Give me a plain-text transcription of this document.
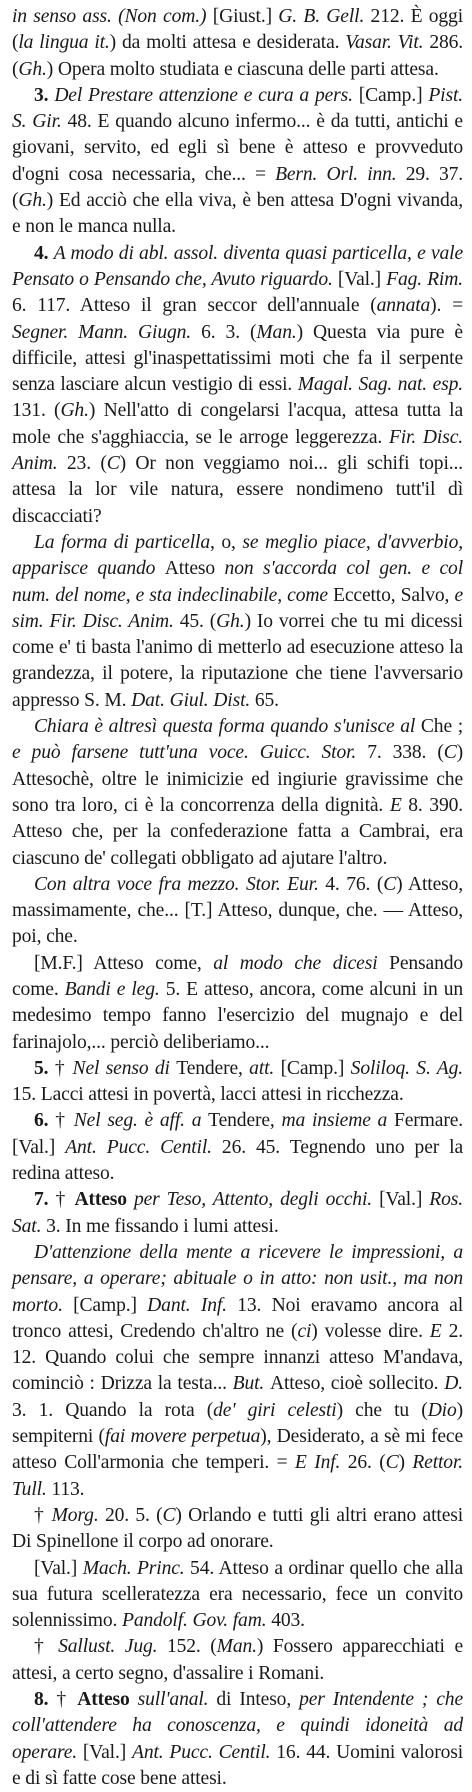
in senso ass. (Non com.) [Giust.] G. B. Gell. 212. È oggi (la lingua it.) da molti attesa e desiderata. Vasar. Vit. 286. (Gh.) Opera molto studiata e ciascuna delle parti attesa.

3. Del Prestare attenzione e cura a pers. [Camp.] Pist. S. Gir. 48. E quando alcuno infermo... è da tutti, antichi e giovani, servito, ed egli sì bene è atteso e provveduto d'ogni cosa necessaria, che... = Bern. Orl. inn. 29. 37. (Gh.) Ed acciò che ella viva, è ben attesa D'ogni vivanda, e non le manca nulla.

4. A modo di abl. assol. diventa quasi particella, e vale Pensato o Pensando che, Avuto riguardo. [Val.] Fag. Rim. 6. 117. Atteso il gran seccor dell'annuale (annata). = Segner. Mann. Giugn. 6. 3. (Man.) Questa via pure è difficile, attesi gl'inaspettatissimi moti che fa il serpente senza lasciare alcun vestigio di essi. Magal. Sag. nat. esp. 131. (Gh.) Nell'atto di congelarsi l'acqua, attesa tutta la mole che s'agghiaccia, se le arroge leggerezza. Fir. Disc. Anim. 23. (C) Or non veggiamo noi... gli schifi topi... attesa la lor vile natura, essere nondimeno tutt'il dì discacciati?

La forma di particella, o, se meglio piace, d'avverbio, apparisce quando Atteso non s'accorda col gen. e col num. del nome, e sta indeclinabile, come Eccetto, Salvo, e sim. Fir. Disc. Anim. 45. (Gh.) Io vorrei che tu mi dicessi come e' ti basta l'animo di metterlo ad esecuzione atteso la grandezza, il potere, la riputazione che tiene l'avversario appresso S. M. Dat. Giul. Dist. 65.

Chiara è altresì questa forma quando s'unisce al Che ; e può farsene tutt'una voce. Guicc. Stor. 7. 338. (C) Attesochè, oltre le inimicizie ed ingiurie gravissime che sono tra loro, ci è la concorrenza della dignità. E 8. 390. Atteso che, per la confederazione fatta a Cambrai, era ciascuno de' collegati obbligato ad ajutare l'altro.

Con altra voce fra mezzo. Stor. Eur. 4. 76. (C) Atteso, massimamente, che... [T.] Atteso, dunque, che. — Atteso, poi, che.

[M.F.] Atteso come, al modo che dicesi Pensando come. Bandi e leg. 5. E atteso, ancora, come alcuni in un medesimo tempo fanno l'esercizio del mugnajo e del farinajolo,... perciò deliberiamo...

5. † Nel senso di Tendere, att. [Camp.] Soliloq. S. Ag. 15. Lacci attesi in povertà, lacci attesi in ricchezza.

6. † Nel seg. è aff. a Tendere, ma insieme a Fermare. [Val.] Ant. Pucc. Centil. 26. 45. Tegnendo uno per la redina atteso.

7. † Atteso per Teso, Attento, degli occhi. [Val.] Ros. Sat. 3. In me fissando i lumi attesi.

D'attenzione della mente a ricevere le impressioni, a pensare, a operare; abituale o in atto: non usit., ma non morto. [Camp.] Dant. Inf. 13. Noi eravamo ancora al tronco attesi, Credendo ch'altro ne (ci) volesse dire. E 2. 12. Quando colui che sempre innanzi atteso M'andava, cominciò : Drizza la testa... But. Atteso, cioè sollecito. D. 3. 1. Quando la rota (de' giri celesti) che tu (Dio) sempiterni (fai movere perpetua), Desiderato, a sè mi fece atteso Coll'armonia che temperi. = E Inf. 26. (C) Rettor. Tull. 113.

† Morg. 20. 5. (C) Orlando e tutti gli altri erano attesi Di Spinellone il corpo ad onorare.

[Val.] Mach. Princ. 54. Atteso a ordinar quello che alla sua futura scelleratezza era necessario, fece un convito solennissimo. Pandolf. Gov. fam. 403.

† Sallust. Jug. 152. (Man.) Fossero apparecchiati e attesi, a certo segno, d'assalire i Romani.

8. † Atteso sull'anal. di Inteso, per Intendente ; che coll'attendere ha conoscenza, e quindi idoneità ad operare. [Val.] Ant. Pucc. Centil. 16. 44. Uomini valorosi e di sì fatte cose bene attesi.
